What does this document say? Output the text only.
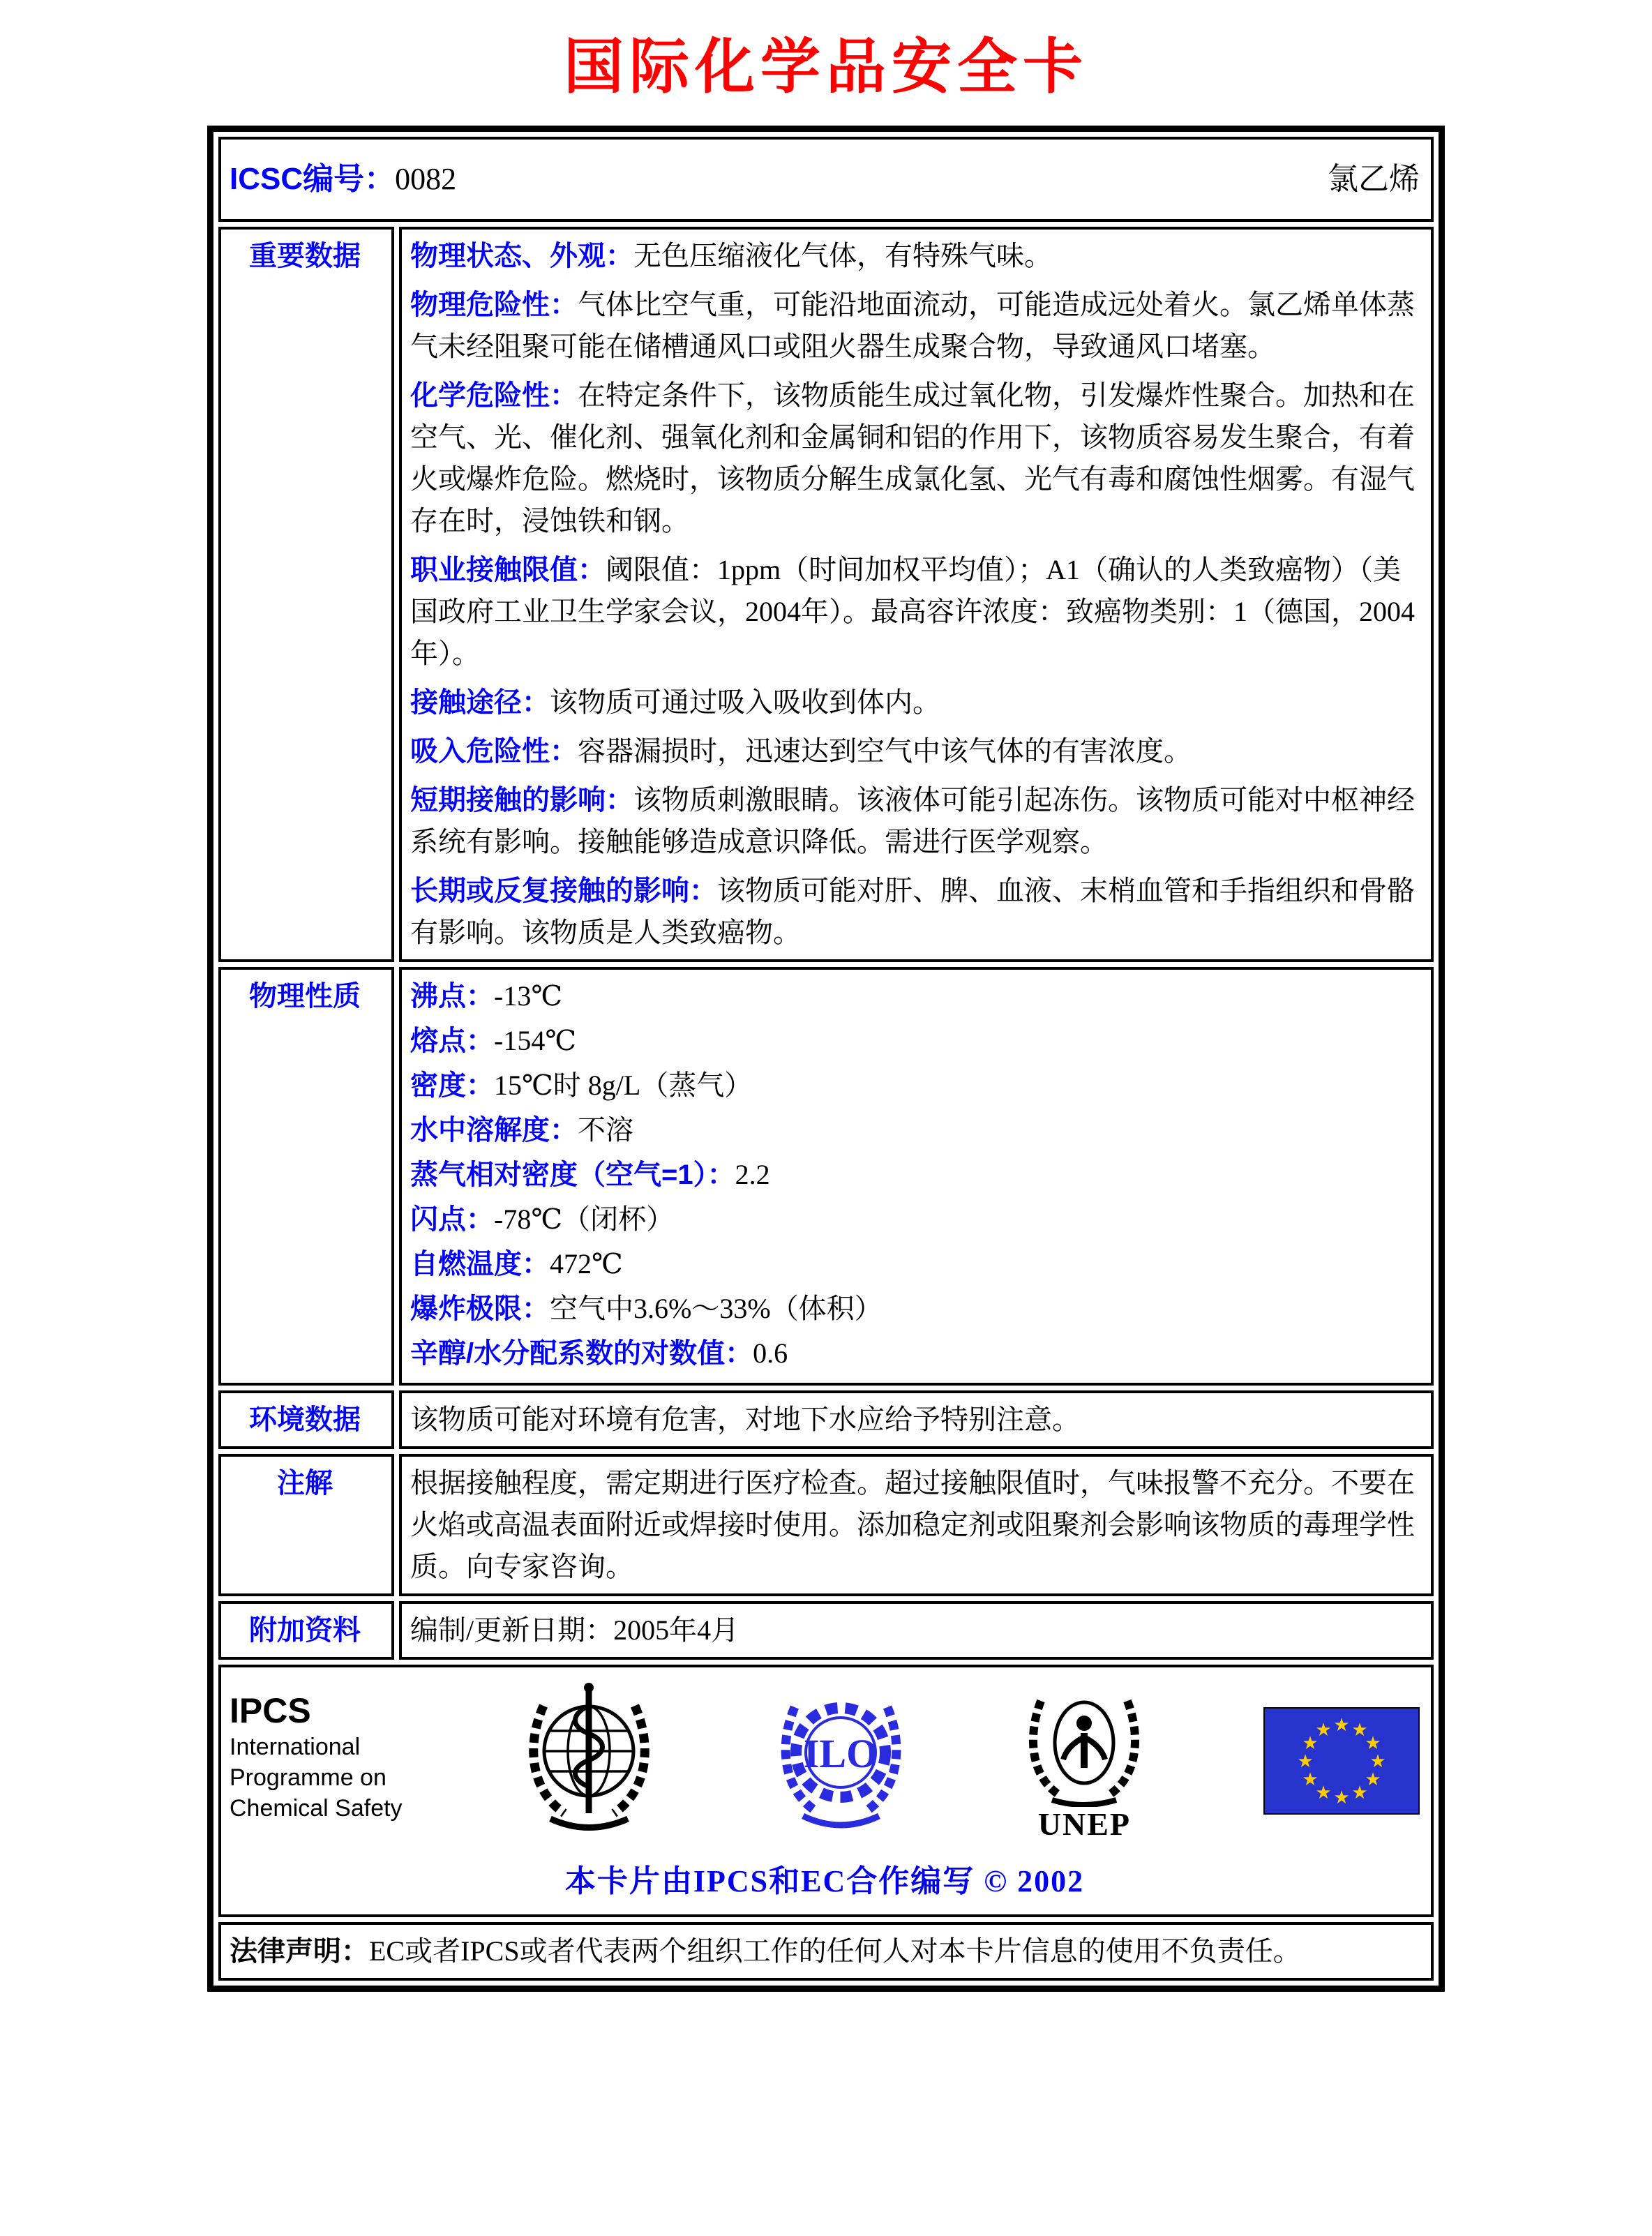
国际化学品安全卡
ICSC编号：0082 氯乙烯	

重要数据	物理状态、外观：无色压缩液化气体，有特殊气味。

物理危险性：气体比空气重，可能沿地面流动，可能造成远处着火。氯乙烯单体蒸气未经阻聚可能在储槽通风口或阻火器生成聚合物，导致通风口堵塞。

化学危险性：在特定条件下，该物质能生成过氧化物，引发爆炸性聚合。加热和在空气、光、催化剂、强氧化剂和金属铜和铝的作用下，该物质容易发生聚合，有着火或爆炸危险。燃烧时，该物质分解生成氯化氢、光气有毒和腐蚀性烟雾。有湿气存在时，浸蚀铁和钢。

职业接触限值：阈限值：1ppm（时间加权平均值）；A1（确认的人类致癌物）（美国政府工业卫生学家会议，2004年）。最高容许浓度：致癌物类别：1（德国，2004年）。

接触途径：该物质可通过吸入吸收到体内。

吸入危险性：容器漏损时，迅速达到空气中该气体的有害浓度。

短期接触的影响：该物质刺激眼睛。该液体可能引起冻伤。该物质可能对中枢神经系统有影响。接触能够造成意识降低。需进行医学观察。

长期或反复接触的影响：该物质可能对肝、脾、血液、末梢血管和手指组织和骨骼有影响。该物质是人类致癌物。

物理性质	沸点：-13℃

熔点：-154℃

密度：15℃时 8g/L（蒸气）

水中溶解度：不溶

蒸气相对密度（空气=1）：2.2

闪点：-78℃（闭杯）

自燃温度：472℃

爆炸极限：空气中3.6%～33%（体积）

辛醇/水分配系数的对数值：0.6

环境数据	该物质可能对环境有危害，对地下水应给予特别注意。
注解	根据接触程度，需定期进行医疗检查。超过接触限值时，气味报警不充分。不要在火焰或高温表面附近或焊接时使用。添加稳定剂或阻聚剂会影响该物质的毒理学性质。向专家咨询。
附加资料	编制/更新日期：2005年4月

IPCS
International
Programme on
Chemical Safety
ILO
UNEP
★ ★
★
★
★
★
★
★
★
★
★
★
本卡片由IPCS和EC合作编写 © 2002

法律声明：EC或者IPCS或者代表两个组织工作的任何人对本卡片信息的使用不负责任。	
